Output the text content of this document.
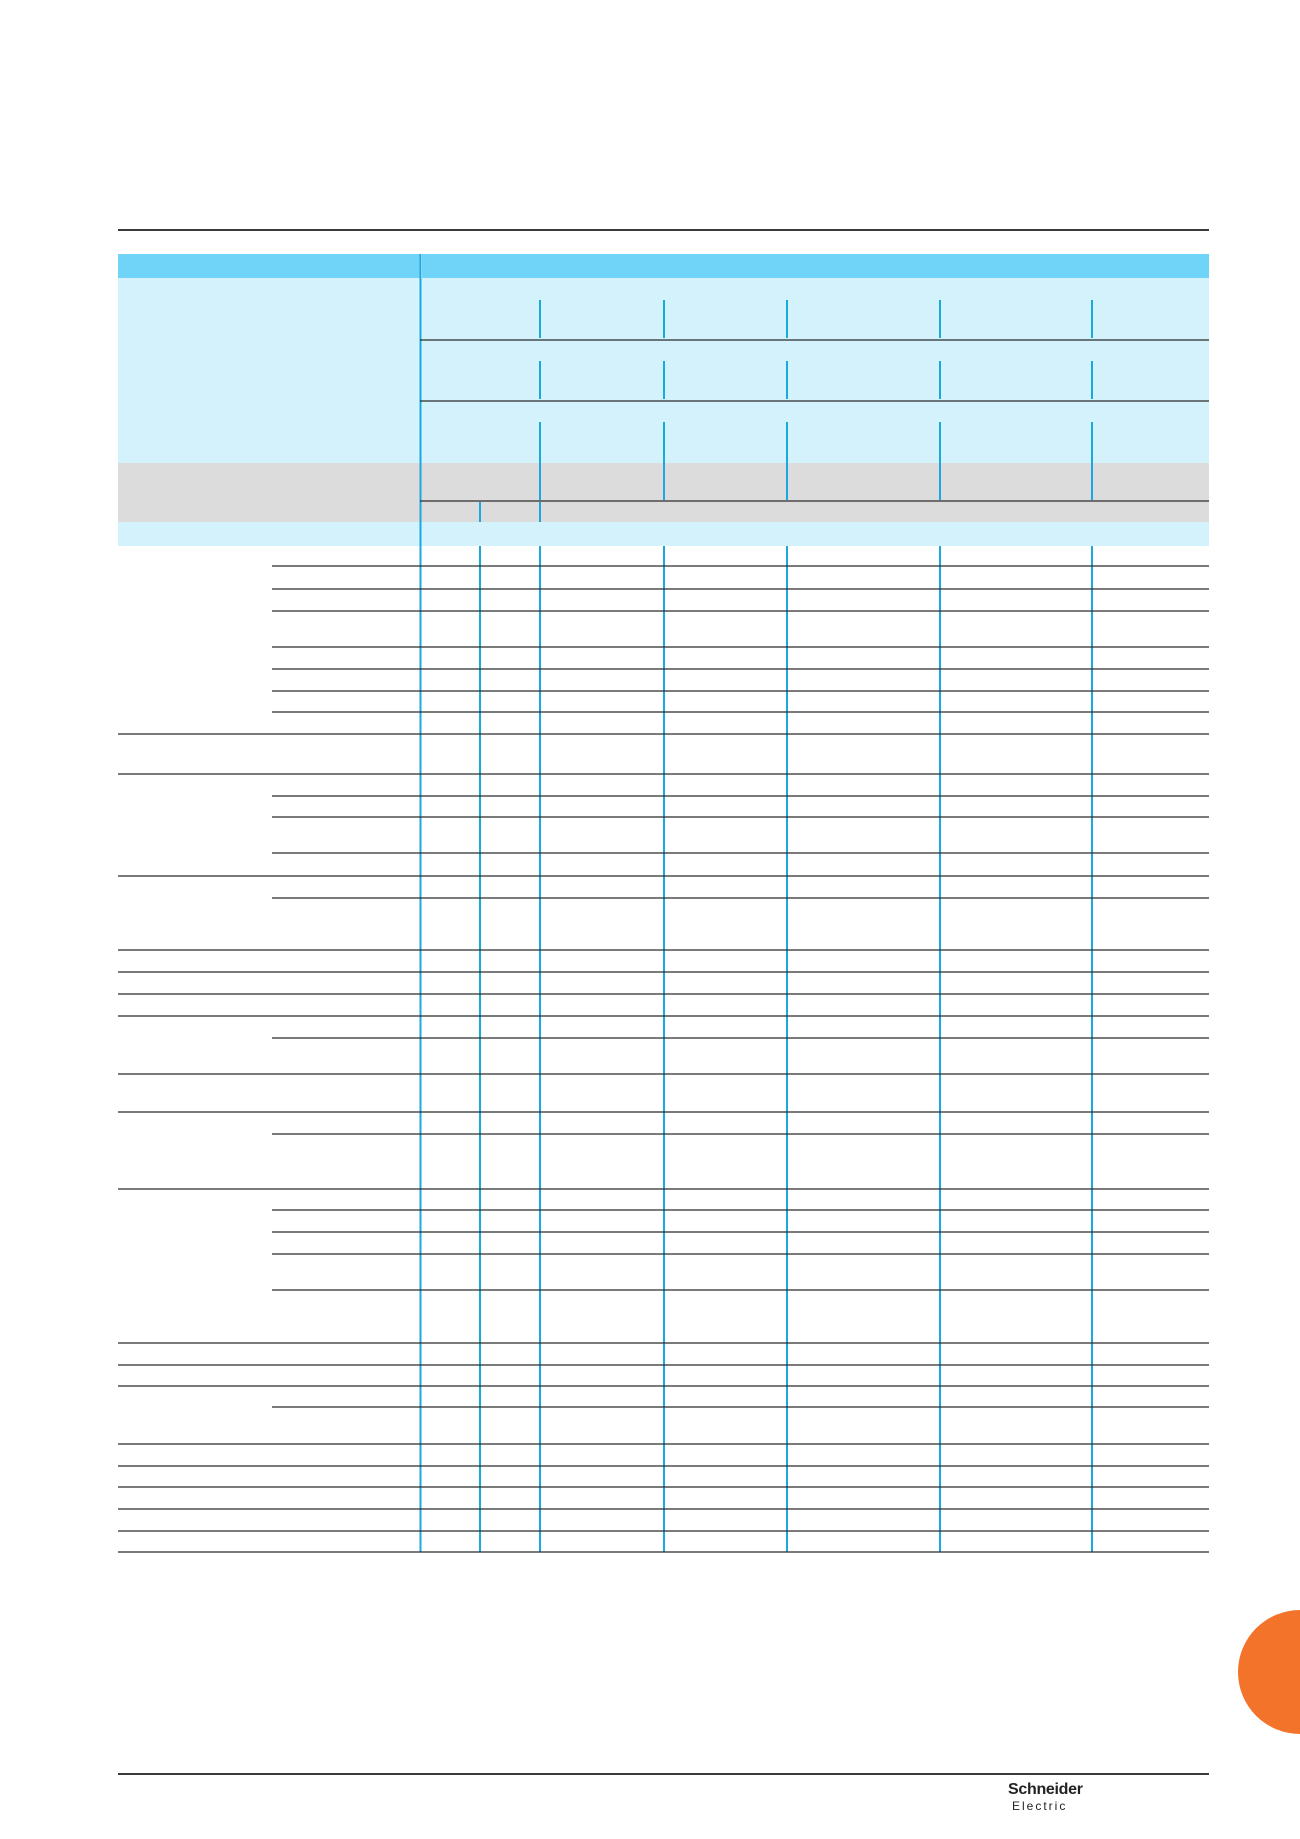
Schneider
Electric
